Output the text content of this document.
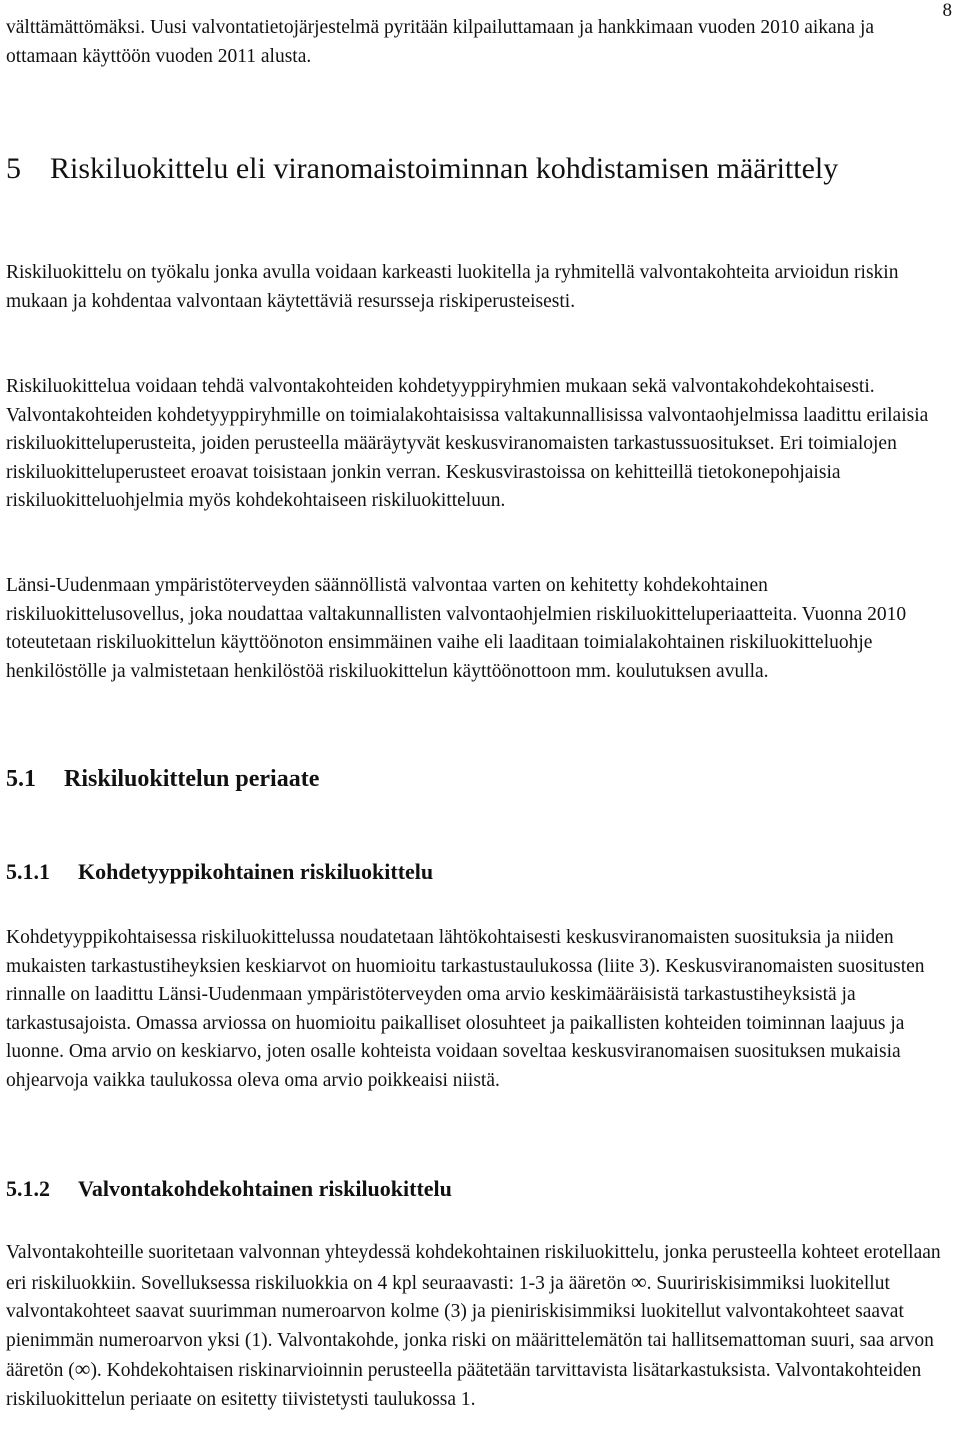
8

välttämättömäksi. Uusi valvontatietojärjestelmä pyritään kilpailuttamaan ja hankkimaan vuoden 2010 aikana ja ottamaan käyttöön vuoden 2011 alusta.

5 Riskiluokittelu eli viranomaistoiminnan kohdistamisen määrittely

Riskiluokittelu on työkalu jonka avulla voidaan karkeasti luokitella ja ryhmitellä valvontakohteita arvioidun riskin mukaan ja kohdentaa valvontaan käytettäviä resursseja riskiperusteisesti.

Riskiluokittelua voidaan tehdä valvontakohteiden kohdetyyppiryhmien mukaan sekä valvontakohdekohtaisesti. Valvontakohteiden kohdetyyppiryhmille on toimialakohtaisissa valtakunnallisissa valvontaohjelmissa laadittu erilaisia riskiluokitteluperusteita, joiden perusteella määräytyvät keskusviranomaisten tarkastussuositukset. Eri toimialojen riskiluokitteluperusteet eroavat toisistaan jonkin verran. Keskusvirastoissa on kehitteillä tietokonepohjaisia riskiluokitteluohjelmia myös kohdekohtaiseen riskiluokitteluun.

Länsi-Uudenmaan ympäristöterveyden säännöllistä valvontaa varten on kehitetty kohdekohtainen riskiluokittelusovellus, joka noudattaa valtakunnallisten valvontaohjelmien riskiluokitteluperiaatteita. Vuonna 2010 toteutetaan riskiluokittelun käyttöönoton ensimmäinen vaihe eli laaditaan toimialakohtainen riskiluokitteluohje henkilöstölle ja valmistetaan henkilöstöä riskiluokittelun käyttöönottoon mm. koulutuksen avulla.

5.1 Riskiluokittelun periaate
5.1.1 Kohdetyyppikohtainen riskiluokittelu

Kohdetyyppikohtaisessa riskiluokittelussa noudatetaan lähtökohtaisesti keskusviranomaisten suosituksia ja niiden mukaisten tarkastustiheyksien keskiarvot on huomioitu tarkastustaulukossa (liite 3). Keskusviranomaisten suositusten rinnalle on laadittu Länsi-Uudenmaan ympäristöterveyden oma arvio keskimääräisistä tarkastustiheyksistä ja tarkastusajoista. Omassa arviossa on huomioitu paikalliset olosuhteet ja paikallisten kohteiden toiminnan laajuus ja luonne. Oma arvio on keskiarvo, joten osalle kohteista voidaan soveltaa keskusviranomaisen suosituksen mukaisia ohjearvoja vaikka taulukossa oleva oma arvio poikkeaisi niistä.

5.1.2 Valvontakohdekohtainen riskiluokittelu

Valvontakohteille suoritetaan valvonnan yhteydessä kohdekohtainen riskiluokittelu, jonka perusteella kohteet erotellaan eri riskiluokkiin. Sovelluksessa riskiluokkia on 4 kpl seuraavasti: 1-3 ja ääretön ∞. Suuririskisimmiksi luokitellut valvontakohteet saavat suurimman numeroarvon kolme (3) ja pieniriskisimmiksi luokitellut valvontakohteet saavat pienimmän numeroarvon yksi (1). Valvontakohde, jonka riski on määrittelemätön tai hallitsemattoman suuri, saa arvon ääretön (∞). Kohdekohtaisen riskinarvioinnin perusteella päätetään tarvittavista lisätarkastuksista. Valvontakohteiden riskiluokittelun periaate on esitetty tiivistetysti taulukossa 1.
